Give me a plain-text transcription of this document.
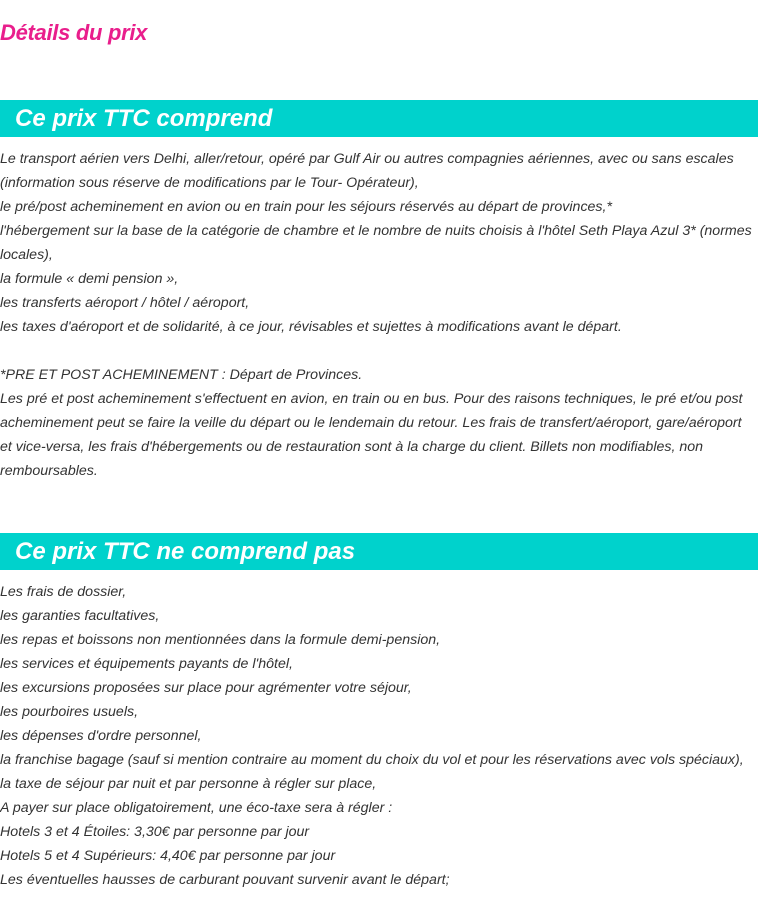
Détails du prix
Ce prix TTC comprend
Le transport aérien vers Delhi, aller/retour, opéré par Gulf Air ou autres compagnies aériennes, avec ou sans escales (information sous réserve de modifications par le Tour- Opérateur),
le pré/post acheminement en avion ou en train pour les séjours réservés au départ de provinces,*
l'hébergement sur la base de la catégorie de chambre et le nombre de nuits choisis à l'hôtel Seth Playa Azul 3* (normes locales),
la formule « demi pension »,
les transferts aéroport / hôtel / aéroport,
les taxes d'aéroport et de solidarité, à ce jour, révisables et sujettes à modifications avant le départ.
*PRE ET POST ACHEMINEMENT : Départ de Provinces.
Les pré et post acheminement s'effectuent en avion, en train ou en bus. Pour des raisons techniques, le pré et/ou post acheminement peut se faire la veille du départ ou le lendemain du retour. Les frais de transfert/aéroport, gare/aéroport et vice-versa, les frais d'hébergements ou de restauration sont à la charge du client. Billets non modifiables, non remboursables.
Ce prix TTC ne comprend pas
Les frais de dossier,
les garanties facultatives,
les repas et boissons non mentionnées dans la formule demi-pension,
les services et équipements payants de l'hôtel,
les excursions proposées sur place pour agrémenter votre séjour,
les pourboires usuels,
les dépenses d'ordre personnel,
la franchise bagage (sauf si mention contraire au moment du choix du vol et pour les réservations avec vols spéciaux),
la taxe de séjour par nuit et par personne à régler sur place,
A payer sur place obligatoirement, une éco-taxe sera à régler :
Hotels 3 et 4 Étoiles: 3,30€ par personne par jour
Hotels 5 et 4 Supérieurs: 4,40€ par personne par jour
Les éventuelles hausses de carburant pouvant survenir avant le départ;
